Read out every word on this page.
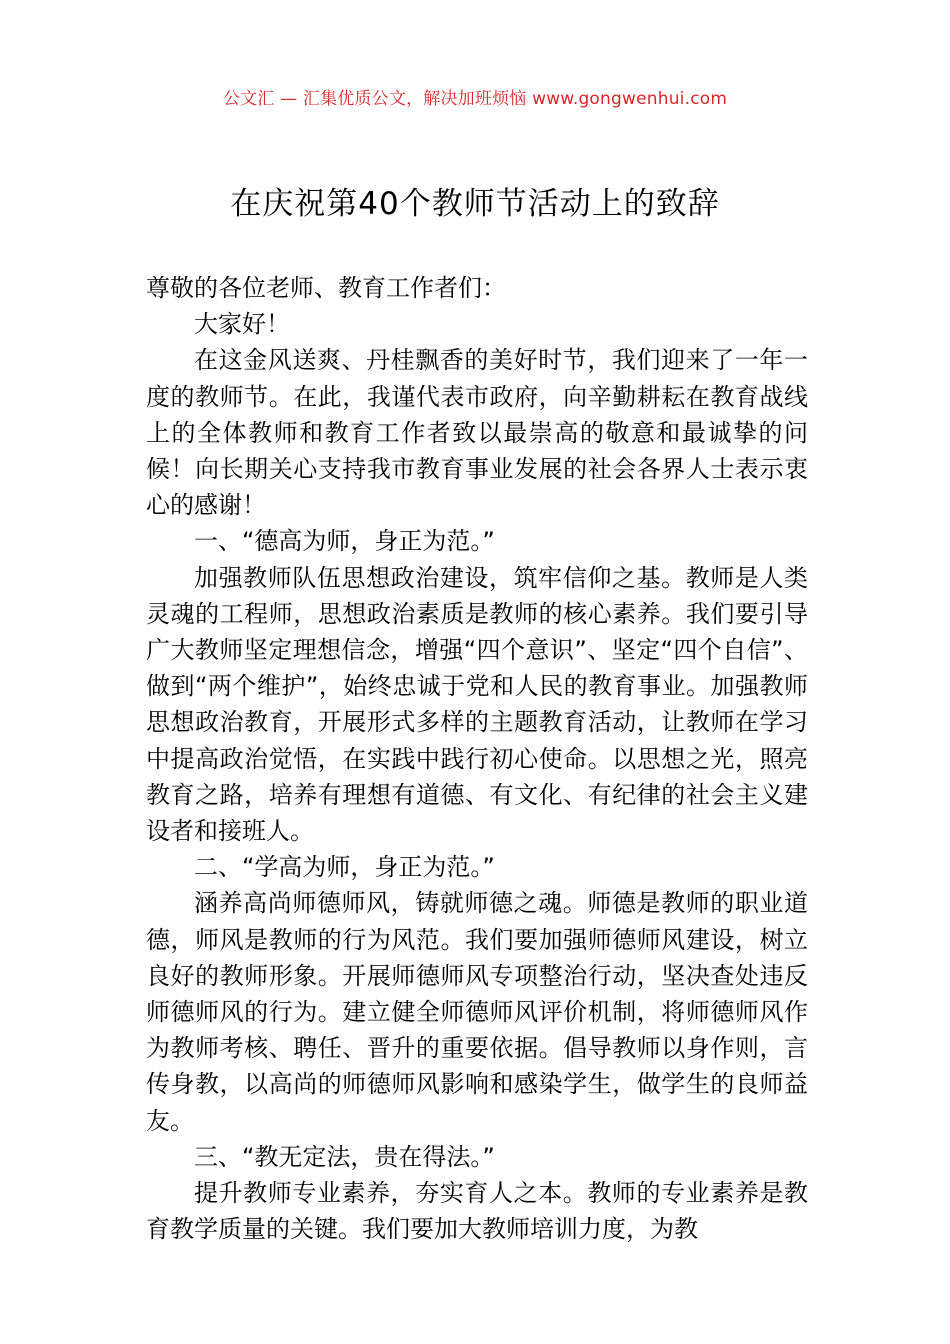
公文汇 — 汇集优质公文，解决加班烦恼 www.gongwenhui.com
在庆祝第40个教师节活动上的致辞

尊敬的各位老师、教育工作者们：

大家好！

在这金风送爽、丹桂飘香的美好时节，我们迎来了一年一度的教师节。在此，我谨代表市政府，向辛勤耕耘在教育战线上的全体教师和教育工作者致以最崇高的敬意和最诚挚的问候！向长期关心支持我市教育事业发展的社会各界人士表示衷心的感谢！

一、“德高为师，身正为范。”

加强教师队伍思想政治建设，筑牢信仰之基。教师是人类灵魂的工程师，思想政治素质是教师的核心素养。我们要引导广大教师坚定理想信念，增强“四个意识”、坚定“四个自信”、做到“两个维护”，始终忠诚于党和人民的教育事业。加强教师思想政治教育，开展形式多样的主题教育活动，让教师在学习中提高政治觉悟，在实践中践行初心使命。以思想之光，照亮教育之路，培养有理想有道德、有文化、有纪律的社会主义建设者和接班人。

二、“学高为师，身正为范。”

涵养高尚师德师风，铸就师德之魂。师德是教师的职业道德，师风是教师的行为风范。我们要加强师德师风建设，树立良好的教师形象。开展师德师风专项整治行动，坚决查处违反师德师风的行为。建立健全师德师风评价机制，将师德师风作为教师考核、聘任、晋升的重要依据。倡导教师以身作则，言传身教，以高尚的师德师风影响和感染学生，做学生的良师益友。

三、“教无定法，贵在得法。”

提升教师专业素养，夯实育人之本。教师的专业素养是教育教学质量的关键。我们要加大教师培训力度，为教
